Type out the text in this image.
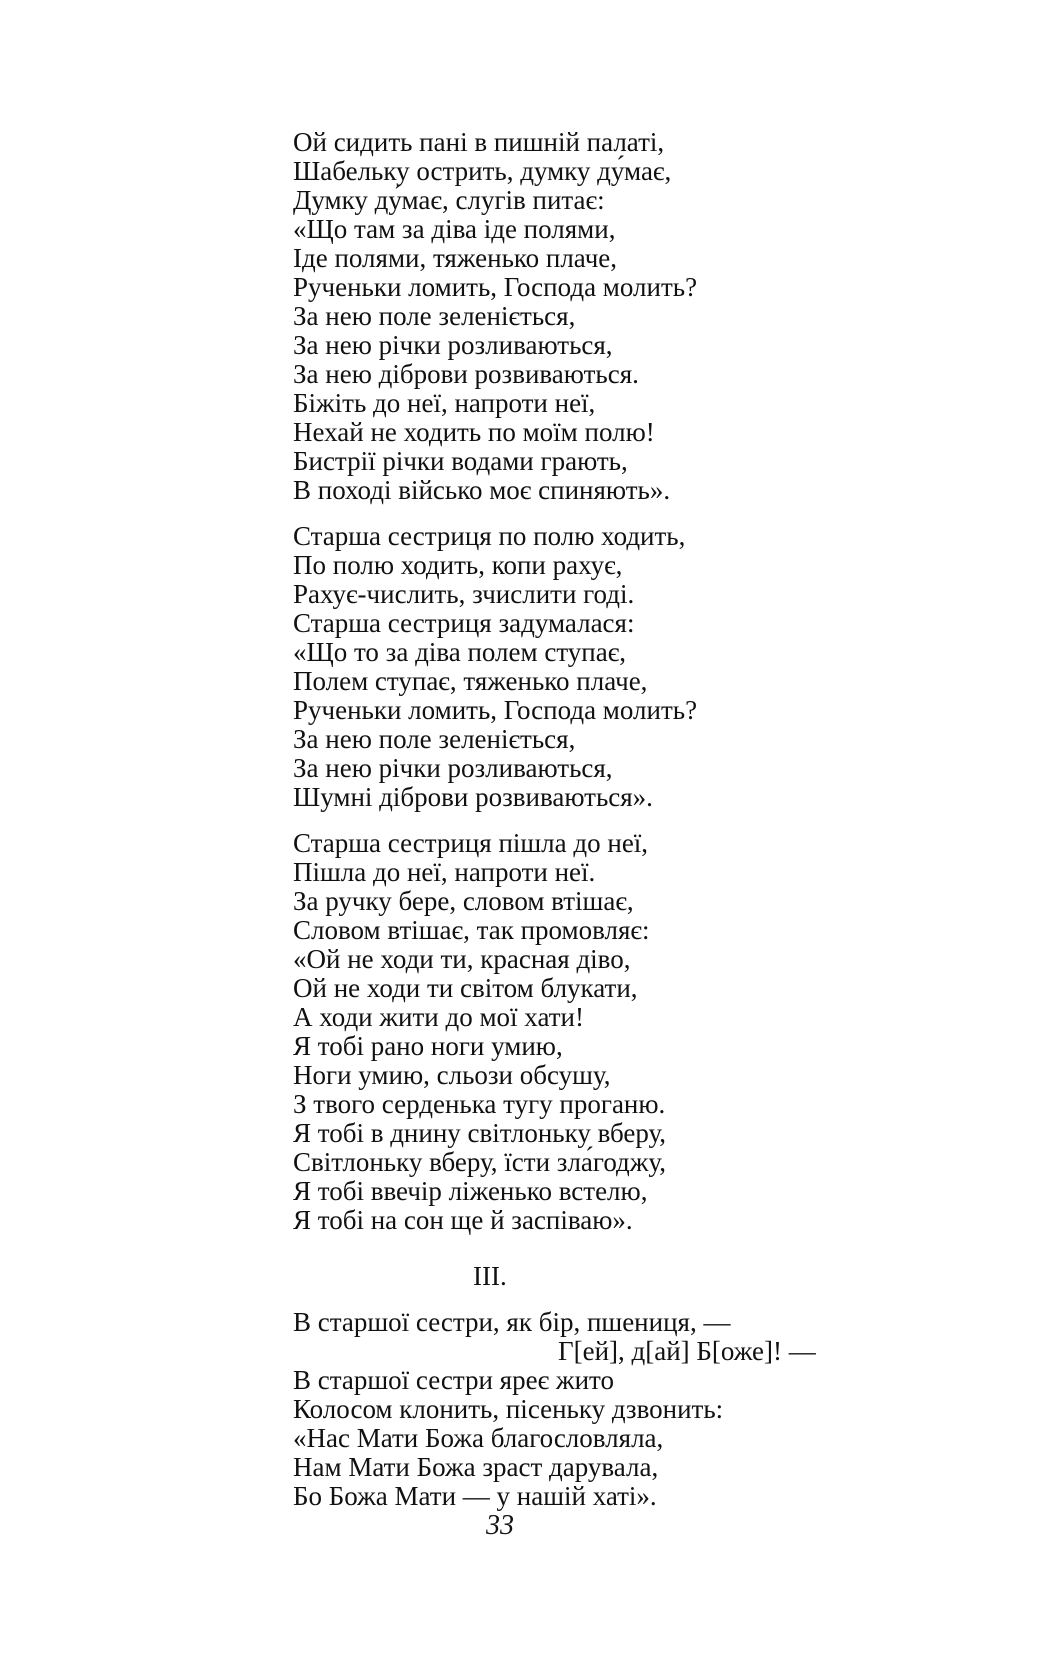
Ой сидить пані в пишній палаті,
Шабельку острить, думку ду́має,
Думку ду́має, слугів питає:
«Що там за діва іде полями,
Іде полями, тяженько плаче,
Рученьки ломить, Господа молить?
За нею поле зеленіється,
За нею річки розливаються,
За нею діброви розвиваються.
Біжіть до неї, напроти неї,
Нехай не ходить по моїм полю!
Бистрії річки водами грають,
В поході військо моє спиняють».
Старша сестриця по полю ходить,
По полю ходить, копи рахує,
Рахує-числить, зчислити годі.
Старша сестриця задумалася:
«Що то за діва полем ступає,
Полем ступає, тяженько плаче,
Рученьки ломить, Господа молить?
За нею поле зеленіється,
За нею річки розливаються,
Шумні діброви розвиваються».
Старша сестриця пішла до неї,
Пішла до неї, напроти неї.
За ручку бере, словом втішає,
Словом втішає, так промовляє:
«Ой не ходи ти, красная діво,
Ой не ходи ти світом блукати,
А ходи жити до мої хати!
Я тобі рано ноги умию,
Ноги умию, сльози обсушу,
З твого серденька тугу проганю.
Я тобі в днину світлоньку вберу,
Світлоньку вберу, їсти зла́годжу,
Я тобі ввечір ліженько встелю,
Я тобі на сон ще й заспіваю».
III.
В старшої сестри, як бір, пшениця, —
Г[ей], д[ай] Б[оже]! —
В старшої сестри яреє жито
Колосом клонить, пісеньку дзвонить:
«Нас Мати Божа благословляла,
Нам Мати Божа зраст дарувала,
Бо Божа Мати — у нашій хаті».
33
